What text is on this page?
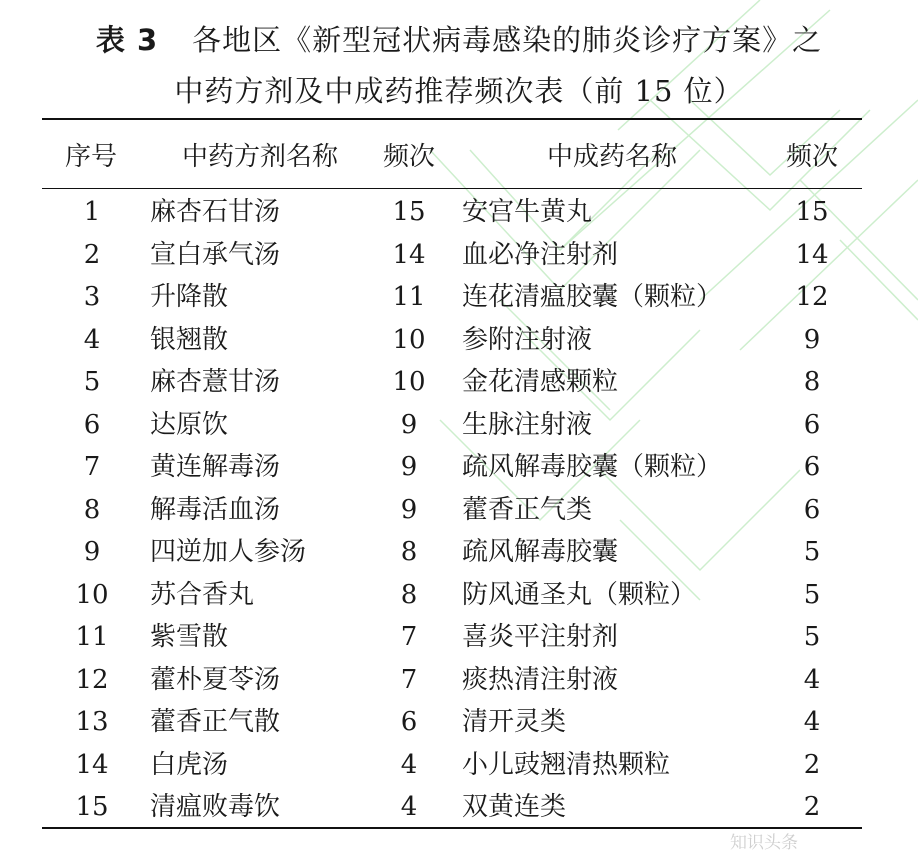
表 3 各地区《新型冠状病毒感染的肺炎诊疗方案》之
中药方剂及中成药推荐频次表（前 15 位）
序号	中药方剂名称	频次	中成药名称	频次
1	麻杏石甘汤	15	安宫牛黄丸	15
2	宣白承气汤	14	血必净注射剂	14
3	升降散	11	连花清瘟胶囊（颗粒）	12
4	银翘散	10	参附注射液	9
5	麻杏薏甘汤	10	金花清感颗粒	8
6	达原饮	9	生脉注射液	6
7	黄连解毒汤	9	疏风解毒胶囊（颗粒）	6
8	解毒活血汤	9	藿香正气类	6
9	四逆加人参汤	8	疏风解毒胶囊	5
10	苏合香丸	8	防风通圣丸（颗粒）	5
11	紫雪散	7	喜炎平注射剂	5
12	藿朴夏苓汤	7	痰热清注射液	4
13	藿香正气散	6	清开灵类	4
14	白虎汤	4	小儿豉翘清热颗粒	2
15	清瘟败毒饮	4	双黄连类	2
知识头条
